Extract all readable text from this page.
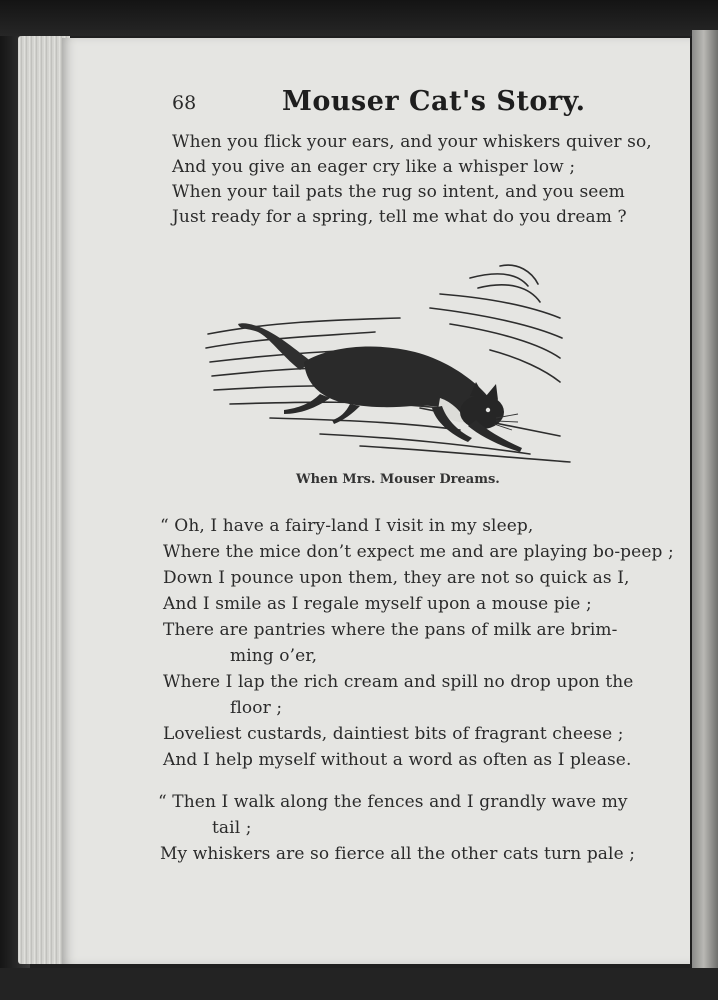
68	Mouser Cat's Story.
When you flick your ears, and your whiskers quiver so,
And you give an eager cry like a whisper low ;
When your tail pats the rug so intent, and you seem
Just ready for a spring, tell me what do you dream ?
When Mrs. Mouser Dreams.
“ Oh, I have a fairy-land I visit in my sleep,
Where the mice don’t expect me and are playing bo-peep ;
Down I pounce upon them, they are not so quick as I,
And I smile as I regale myself upon a mouse pie ;
There are pantries where the pans of milk are brim-
ming o’er,
Where I lap the rich cream and spill no drop upon the
floor ;
Loveliest custards, daintiest bits of fragrant cheese ;
And I help myself without a word as often as I please.
“ Then I walk along the fences and I grandly wave my
tail ;
My whiskers are so fierce all the other cats turn pale ;
